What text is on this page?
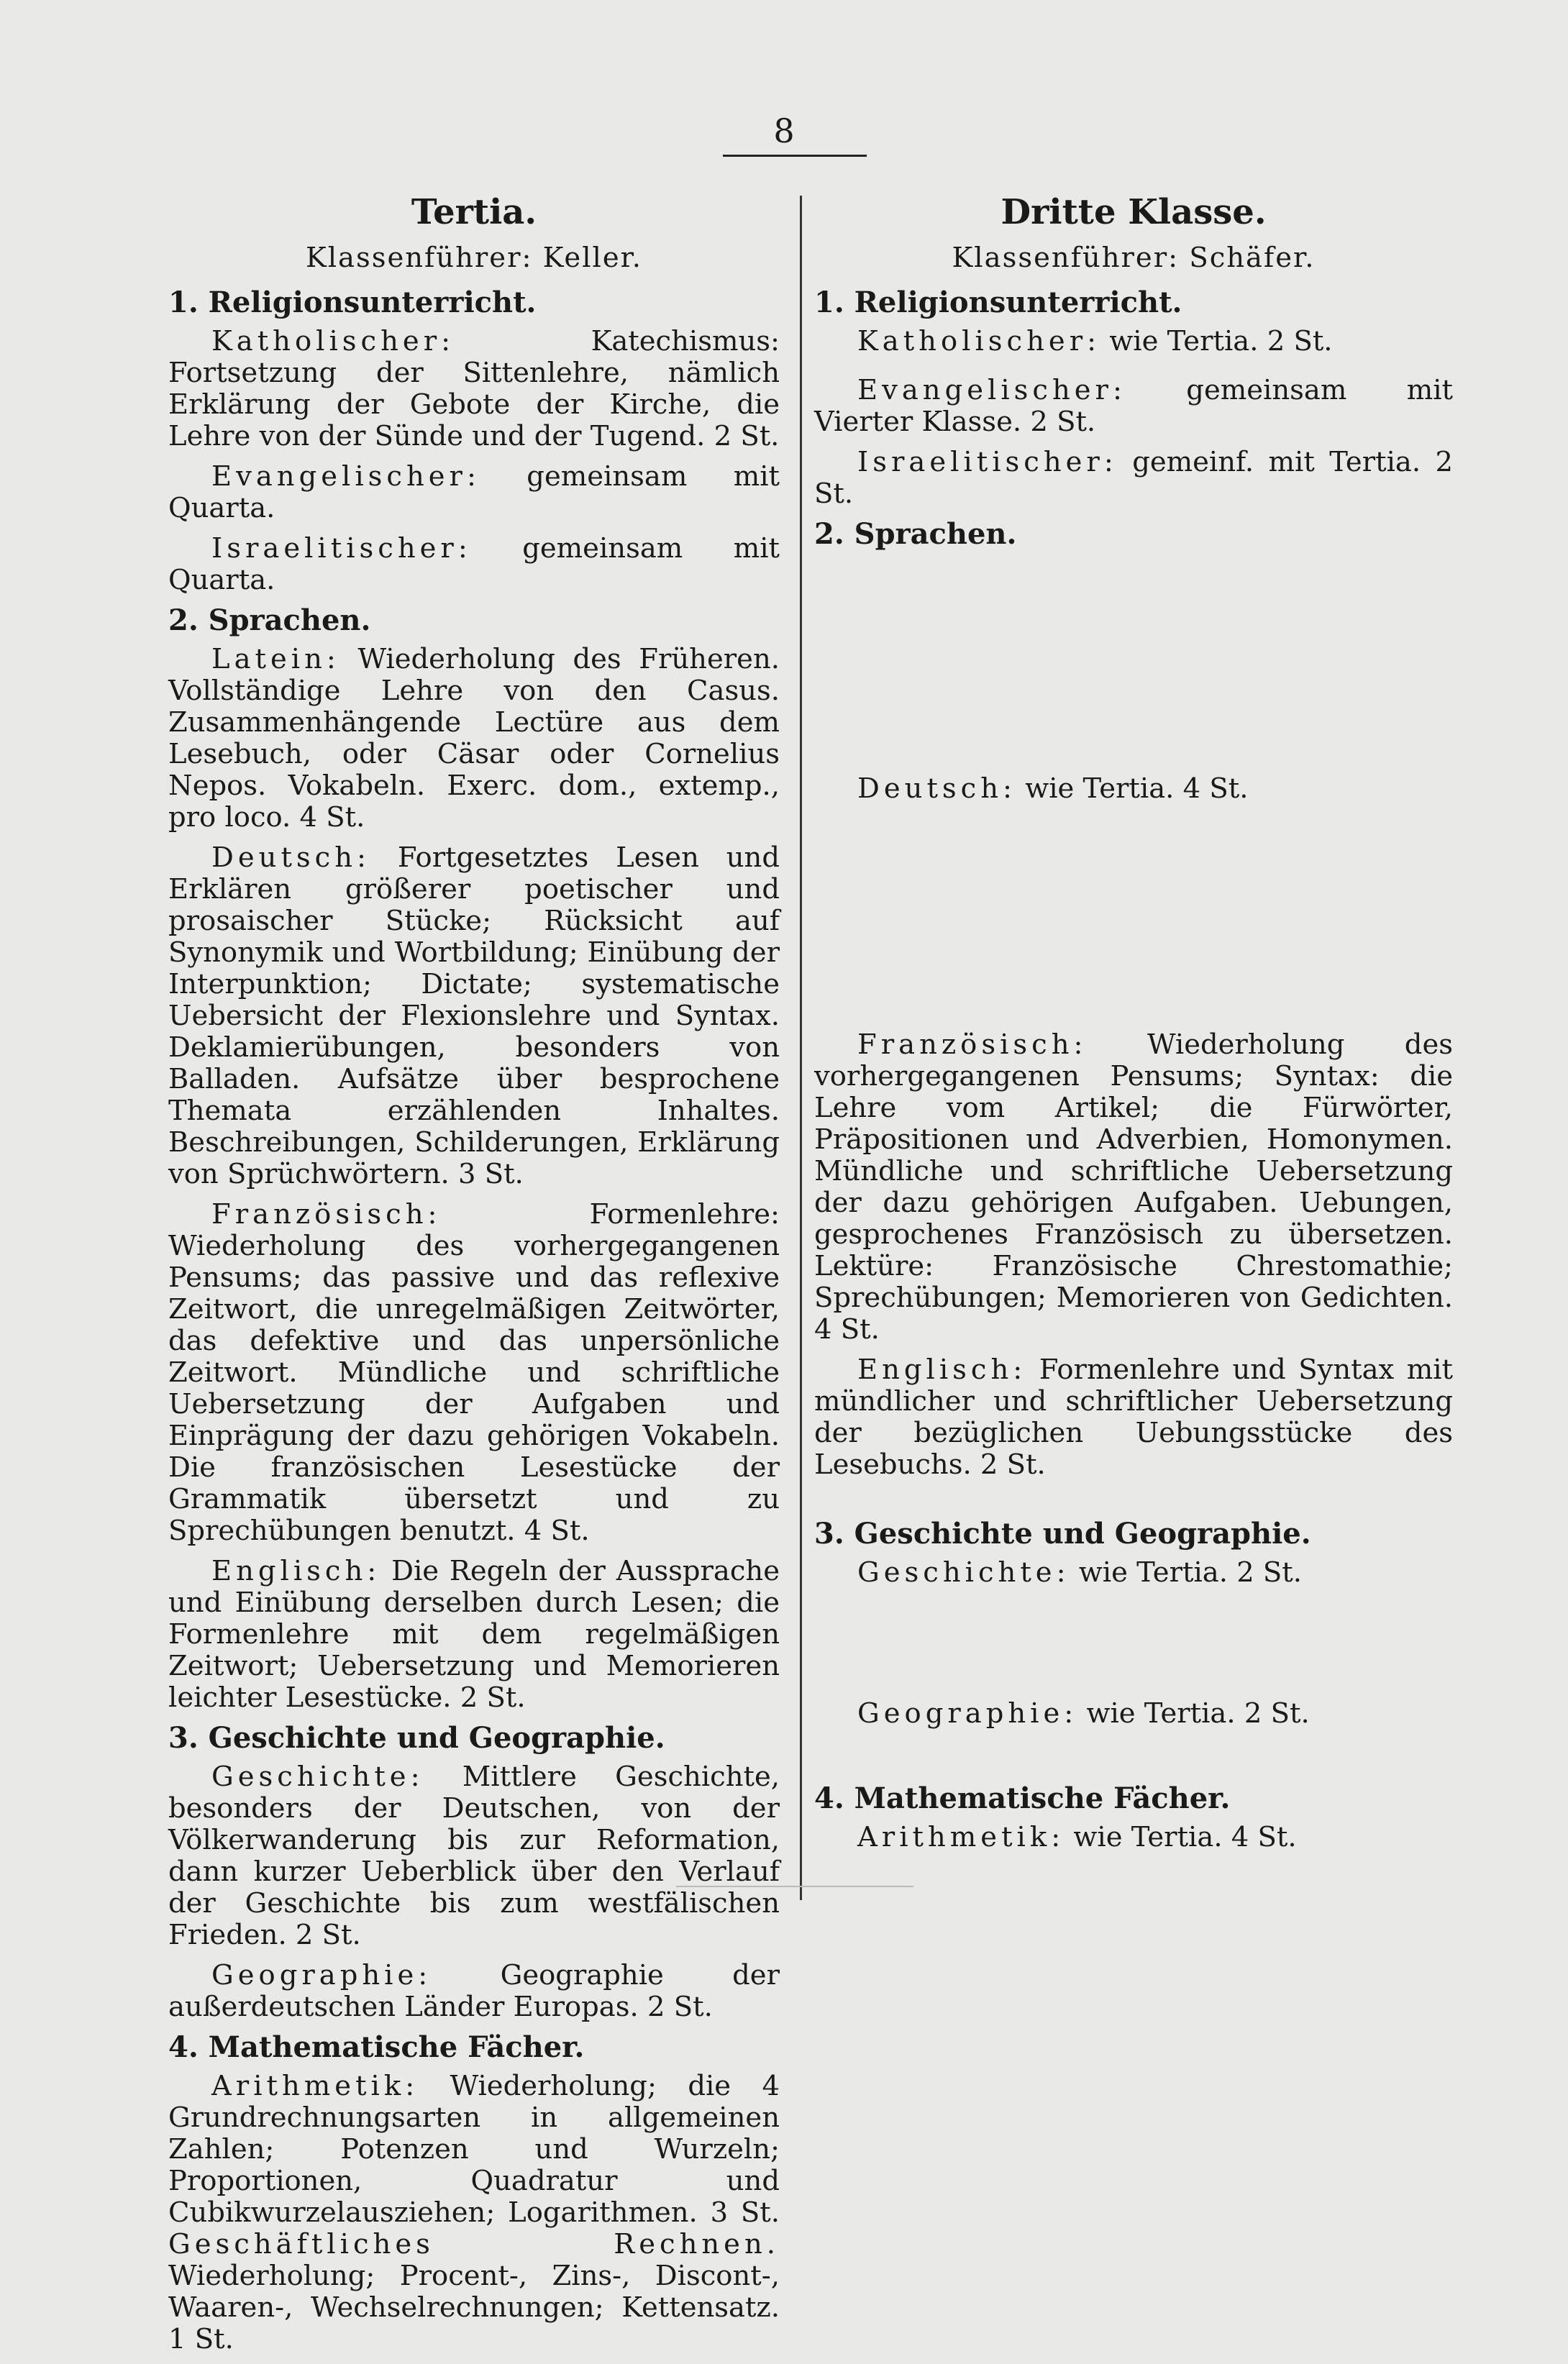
8
Tertia.
Klassenführer: Keller.
1. Religionsunterricht.

Katholischer:	Katechismus: Fortsetzung der Sittenlehre, nämlich Erklärung der Gebote der Kirche, die Lehre von der Sünde und der Tugend. 2 St.

Evangelischer: gemeinsam mit Quarta.

Israelitischer: gemeinsam mit Quarta.

2. Sprachen.

Latein: Wiederholung des Früheren. Vollständige Lehre von den Casus. Zusammenhängende Lectüre aus dem Lesebuch, oder Cäsar oder Cornelius Nepos. Vokabeln. Exerc. dom., extemp., pro loco. 4 St.

Deutsch: Fortgesetztes Lesen und Erklären größerer poetischer und prosaischer Stücke; Rücksicht auf Synonymik und Wortbildung; Einübung der Interpunktion; Dictate; systematische Uebersicht der Flexionslehre und Syntax. Deklamierübungen, besonders von Balladen. Aufsätze über besprochene Themata erzählenden Inhaltes. Beschreibungen, Schilderungen, Erklärung von Sprüchwörtern. 3 St.

Französisch:	Formenlehre: Wiederholung des vorhergegangenen Pensums; das passive und das reflexive Zeitwort, die unregelmäßigen Zeitwörter, das defektive und das unpersönliche Zeitwort. Mündliche und schriftliche Uebersetzung der Aufgaben und Einprägung der dazu gehörigen Vokabeln. Die französischen Lesestücke der Grammatik übersetzt und zu Sprechübungen benutzt. 4 St.

Englisch: Die Regeln der Aussprache und Einübung derselben durch Lesen; die Formenlehre mit dem regelmäßigen Zeitwort; Uebersetzung und Memorieren leichter Lesestücke. 2 St.

3. Geschichte und Geographie.

Geschichte: Mittlere Geschichte, besonders der Deutschen, von der Völkerwanderung bis zur Reformation, dann kurzer Ueberblick über den Verlauf der Geschichte bis zum westfälischen Frieden. 2 St.

Geographie: Geographie der außerdeutschen Länder Europas. 2 St.

4. Mathematische Fächer.

Arithmetik: Wiederholung; die 4 Grundrechnungsarten in allgemeinen Zahlen; Potenzen und Wurzeln; Proportionen, Quadratur und Cubikwurzelausziehen; Logarithmen. 3 St. Geschäftliches Rechnen. Wiederholung; Procent-, Zins-, Discont-, Waaren-, Wechselrechnungen; Kettensatz. 1 St.

Dritte Klasse.
Klassenführer: Schäfer.
1. Religionsunterricht.

Katholischer: wie Tertia. 2 St.

Evangelischer: gemeinsam mit Vierter Klasse. 2 St.

Israelitischer: gemeinf. mit Tertia. 2 St.

2. Sprachen.

Deutsch: wie Tertia. 4 St.

Französisch: Wiederholung des vorhergegangenen Pensums; Syntax: die Lehre vom Artikel; die Fürwörter, Präpositionen und Adverbien, Homonymen. Mündliche und schriftliche Uebersetzung der dazu gehörigen Aufgaben. Uebungen, gesprochenes Französisch zu übersetzen. Lektüre: Französische Chrestomathie; Sprechübungen; Memorieren von Gedichten. 4 St.

Englisch: Formenlehre und Syntax mit mündlicher und schriftlicher Uebersetzung der bezüglichen Uebungsstücke des Lesebuchs. 2 St.

3. Geschichte und Geographie.

Geschichte: wie Tertia. 2 St.

Geographie: wie Tertia. 2 St.

4. Mathematische Fächer.

Arithmetik: wie Tertia. 4 St.
